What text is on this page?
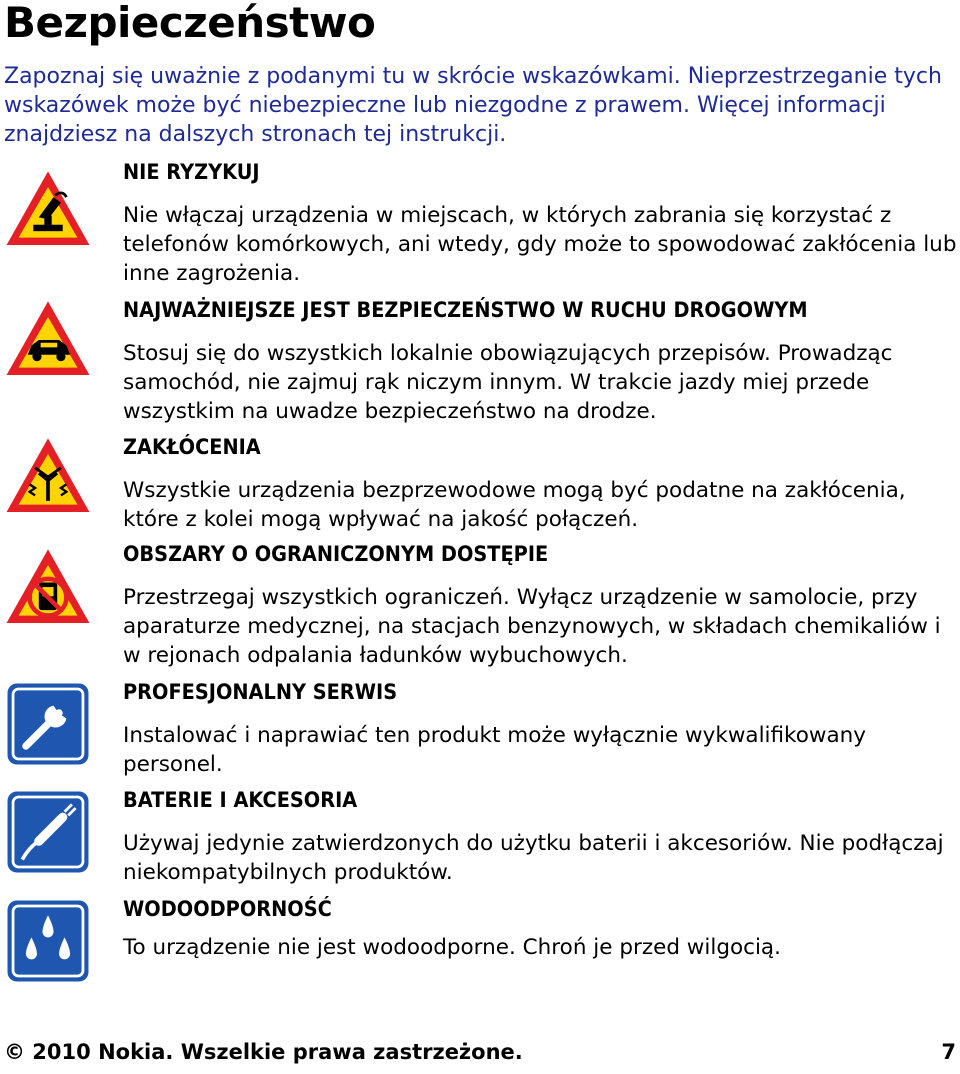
Bezpieczeństwo

Zapoznaj się uważnie z podanymi tu w skrócie wskazówkami. Nieprzestrzeganie tych wskazówek może być niebezpieczne lub niezgodne z prawem. Więcej informacji znajdziesz na dalszych stronach tej instrukcji.

NIE RYZYKUJ

Nie włączaj urządzenia w miejscach, w których zabrania się korzystać z telefonów komórkowych, ani wtedy, gdy może to spowodować zakłócenia lub inne zagrożenia.

NAJWAŻNIEJSZE JEST BEZPIECZEŃSTWO W RUCHU DROGOWYM

Stosuj się do wszystkich lokalnie obowiązujących przepisów. Prowadząc samochód, nie zajmuj rąk niczym innym. W trakcie jazdy miej przede wszystkim na uwadze bezpieczeństwo na drodze.

ZAKŁÓCENIA

Wszystkie urządzenia bezprzewodowe mogą być podatne na zakłócenia, które z kolei mogą wpływać na jakość połączeń.

OBSZARY O OGRANICZONYM DOSTĘPIE

Przestrzegaj wszystkich ograniczeń. Wyłącz urządzenie w samolocie, przy aparaturze medycznej, na stacjach benzynowych, w składach chemikaliów i w rejonach odpalania ładunków wybuchowych.

PROFESJONALNY SERWIS

Instalować i naprawiać ten produkt może wyłącznie wykwalifikowany personel.

BATERIE I AKCESORIA

Używaj jedynie zatwierdzonych do użytku baterii i akcesoriów. Nie podłączaj niekompatybilnych produktów.

WODOODPORNOŚĆ

To urządzenie nie jest wodoodporne. Chroń je przed wilgocią.

© 2010 Nokia. Wszelkie prawa zastrzeżone.	7
